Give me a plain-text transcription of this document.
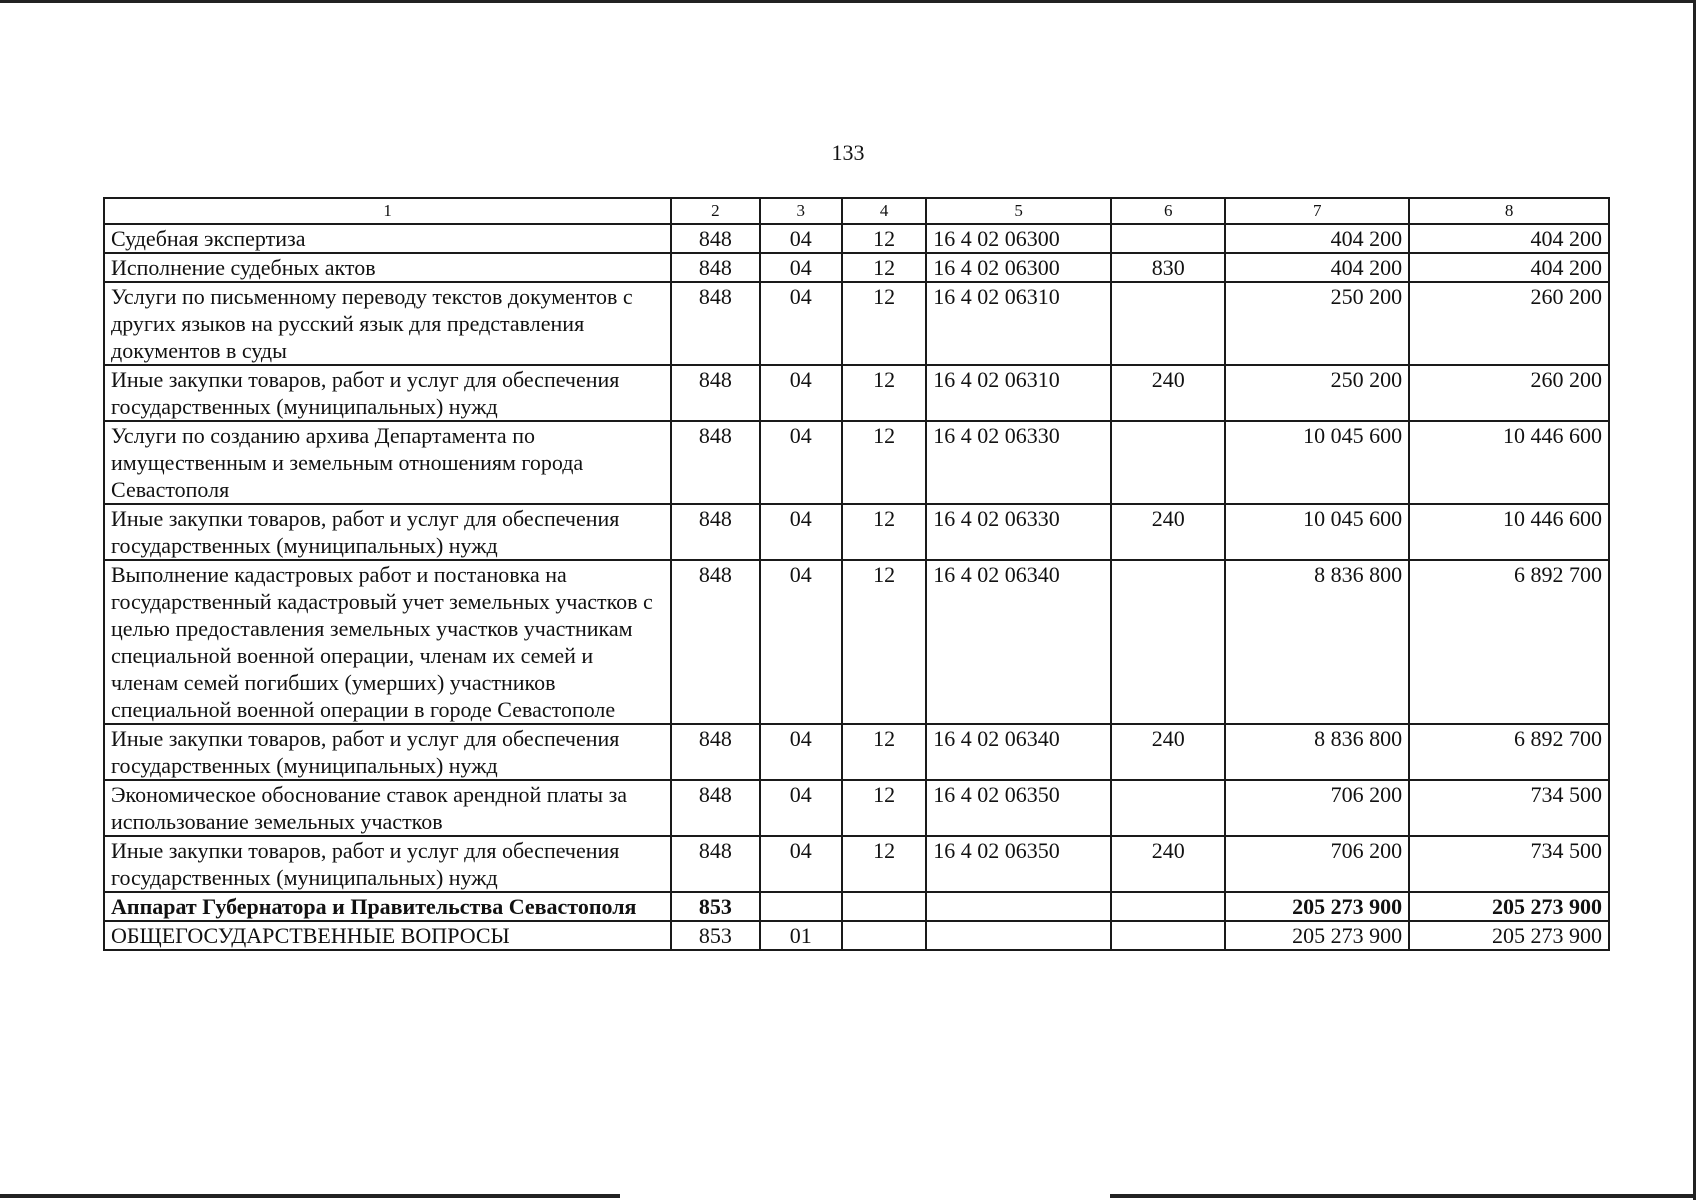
133
1	2	3	4	5	6	7	8
Судебная экспертиза	848	04	12	16 4 02 06300		404 200	404 200
Исполнение судебных актов	848	04	12	16 4 02 06300	830	404 200	404 200
Услуги по письменному переводу текстов документов с других языков на русский язык для представления документов в суды	848	04	12	16 4 02 06310		250 200	260 200
Иные закупки товаров, работ и услуг для обеспечения государственных (муниципальных) нужд	848	04	12	16 4 02 06310	240	250 200	260 200
Услуги по созданию архива Департамента по имущественным и земельным отношениям города Севастополя	848	04	12	16 4 02 06330		10 045 600	10 446 600
Иные закупки товаров, работ и услуг для обеспечения государственных (муниципальных) нужд	848	04	12	16 4 02 06330	240	10 045 600	10 446 600
Выполнение кадастровых работ и постановка на государственный кадастровый учет земельных участков с целью предоставления земельных участков участникам специальной военной операции, членам их семей и членам семей погибших (умерших) участников специальной военной операции в городе Севастополе	848	04	12	16 4 02 06340		8 836 800	6 892 700
Иные закупки товаров, работ и услуг для обеспечения государственных (муниципальных) нужд	848	04	12	16 4 02 06340	240	8 836 800	6 892 700
Экономическое обоснование ставок арендной платы за использование земельных участков	848	04	12	16 4 02 06350		706 200	734 500
Иные закупки товаров, работ и услуг для обеспечения государственных (муниципальных) нужд	848	04	12	16 4 02 06350	240	706 200	734 500
Аппарат Губернатора и Правительства Севастополя	853					205 273 900	205 273 900
ОБЩЕГОСУДАРСТВЕННЫЕ ВОПРОСЫ	853	01				205 273 900	205 273 900
